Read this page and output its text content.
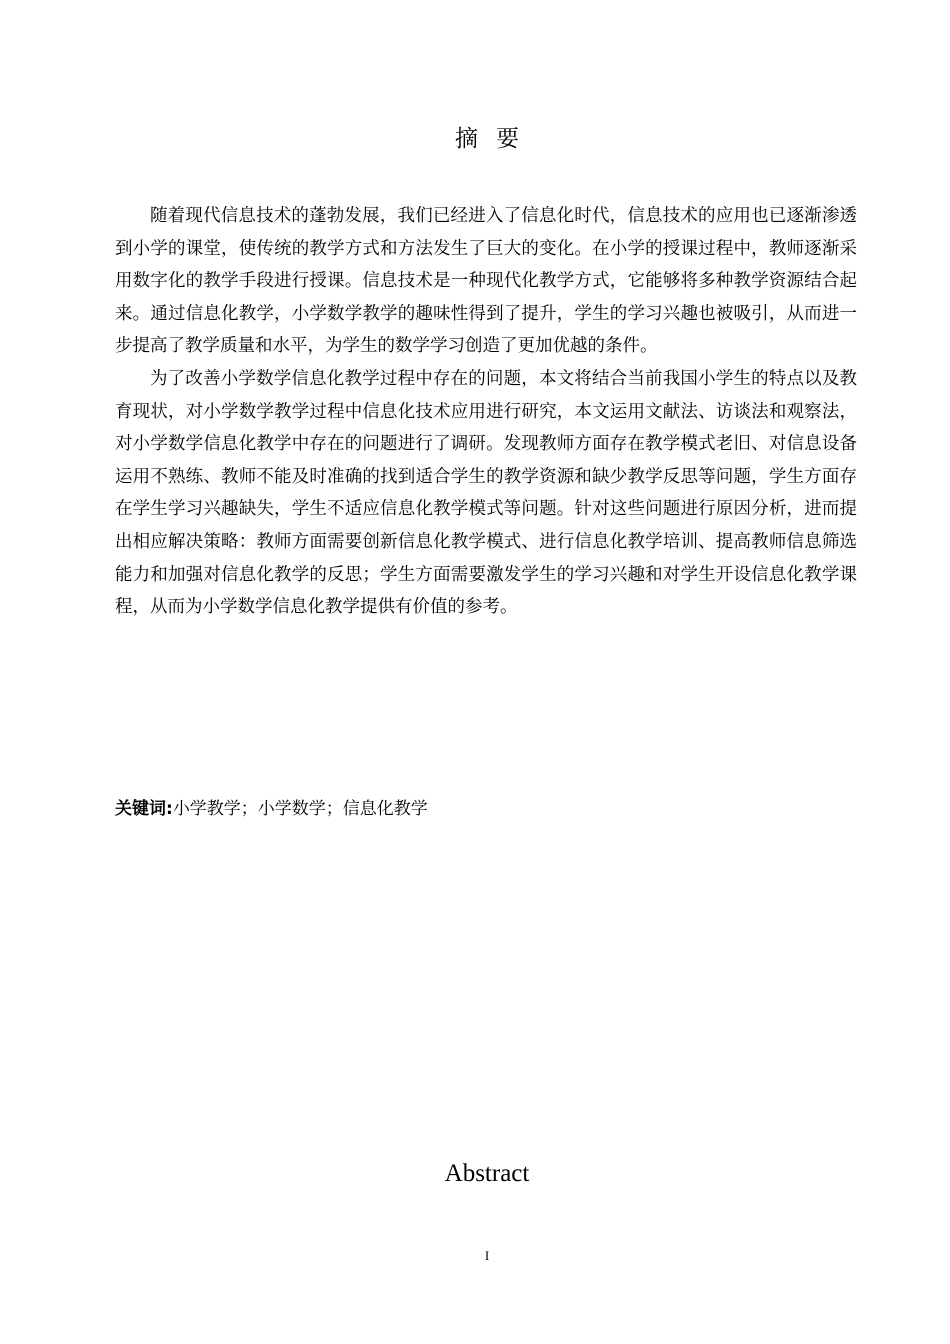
摘 要

随着现代信息技术的蓬勃发展，我们已经进入了信息化时代，信息技术的应用也已逐渐渗透到小学的课堂，使传统的教学方式和方法发生了巨大的变化。在小学的授课过程中，教师逐渐采用数字化的教学手段进行授课。信息技术是一种现代化教学方式，它能够将多种教学资源结合起来。通过信息化教学，小学数学教学的趣味性得到了提升，学生的学习兴趣也被吸引，从而进一步提高了教学质量和水平，为学生的数学学习创造了更加优越的条件。

为了改善小学数学信息化教学过程中存在的问题，本文将结合当前我国小学生的特点以及教育现状，对小学数学教学过程中信息化技术应用进行研究，本文运用文献法、访谈法和观察法，对小学数学信息化教学中存在的问题进行了调研。发现教师方面存在教学模式老旧、对信息设备运用不熟练、教师不能及时准确的找到适合学生的教学资源和缺少教学反思等问题，学生方面存在学生学习兴趣缺失，学生不适应信息化教学模式等问题。针对这些问题进行原因分析，进而提出相应解决策略：教师方面需要创新信息化教学模式、进行信息化教学培训、提高教师信息筛选能力和加强对信息化教学的反思；学生方面需要激发学生的学习兴趣和对学生开设信息化教学课程，从而为小学数学信息化教学提供有价值的参考。

关键词:小学教学；小学数学；信息化教学
Abstract
I
